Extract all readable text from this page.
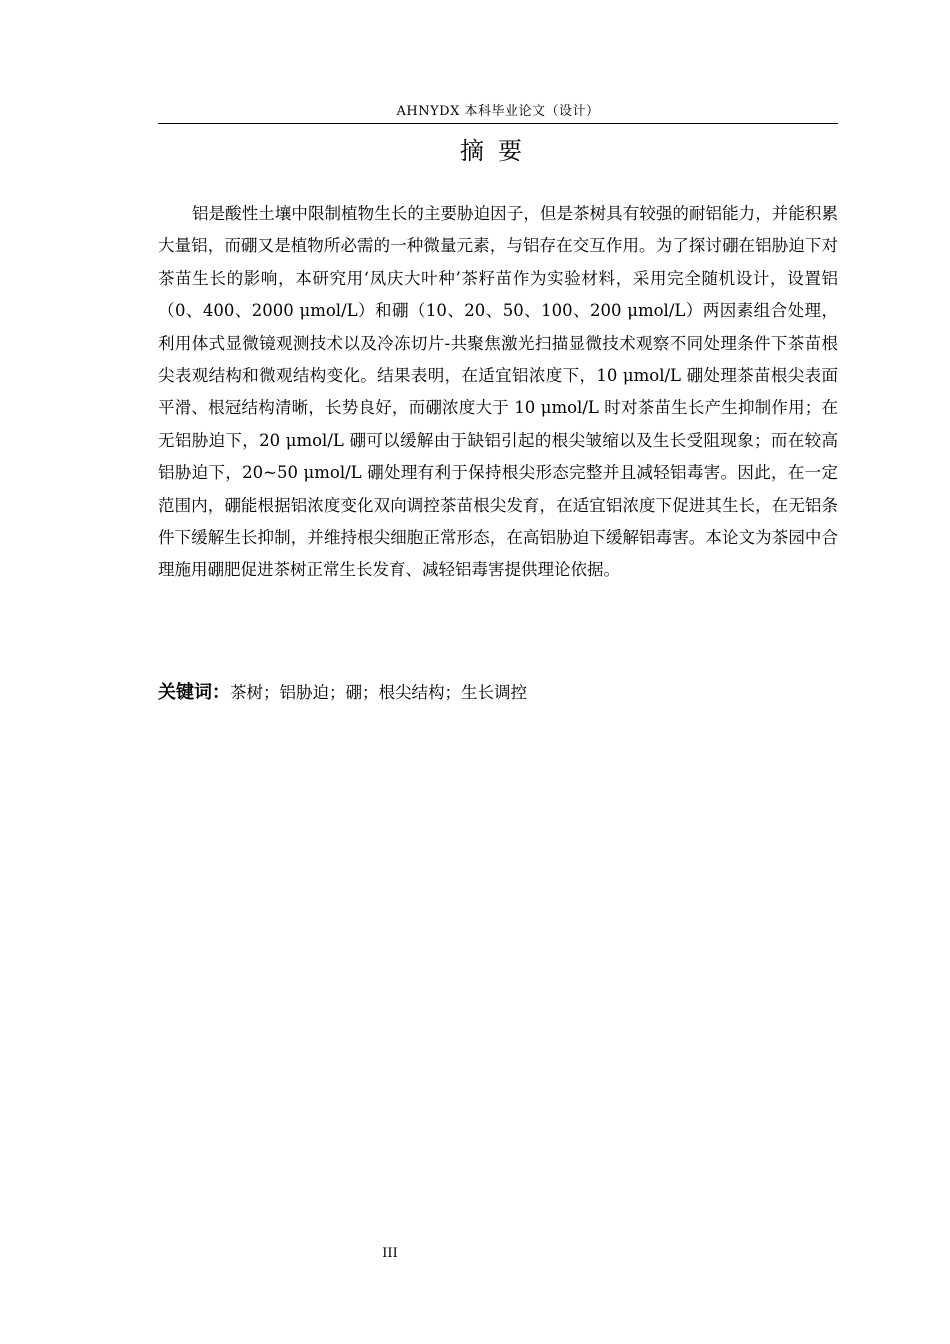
AHNYDX 本科毕业论文（设计）
摘要

铝是酸性土壤中限制植物生长的主要胁迫因子，但是茶树具有较强的耐铝能力，并能积累大量铝，而硼又是植物所必需的一种微量元素，与铝存在交互作用。为了探讨硼在铝胁迫下对茶苗生长的影响，本研究用‘凤庆大叶种’茶籽苗作为实验材料，采用完全随机设计，设置铝（0、400、2000 μmol/L）和硼（10、20、50、100、200 μmol/L）两因素组合处理，利用体式显微镜观测技术以及冷冻切片-共聚焦激光扫描显微技术观察不同处理条件下茶苗根尖表观结构和微观结构变化。结果表明，在适宜铝浓度下，10 μmol/L 硼处理茶苗根尖表面平滑、根冠结构清晰，长势良好，而硼浓度大于 10 μmol/L 时对茶苗生长产生抑制作用；在无铝胁迫下，20 μmol/L 硼可以缓解由于缺铝引起的根尖皱缩以及生长受阻现象；而在较高铝胁迫下，20~50 μmol/L 硼处理有利于保持根尖形态完整并且减轻铝毒害。因此，在一定范围内，硼能根据铝浓度变化双向调控茶苗根尖发育，在适宜铝浓度下促进其生长，在无铝条件下缓解生长抑制，并维持根尖细胞正常形态，在高铝胁迫下缓解铝毒害。本论文为茶园中合理施用硼肥促进茶树正常生长发育、减轻铝毒害提供理论依据。

关键词：茶树；铝胁迫；硼；根尖结构；生长调控
III
